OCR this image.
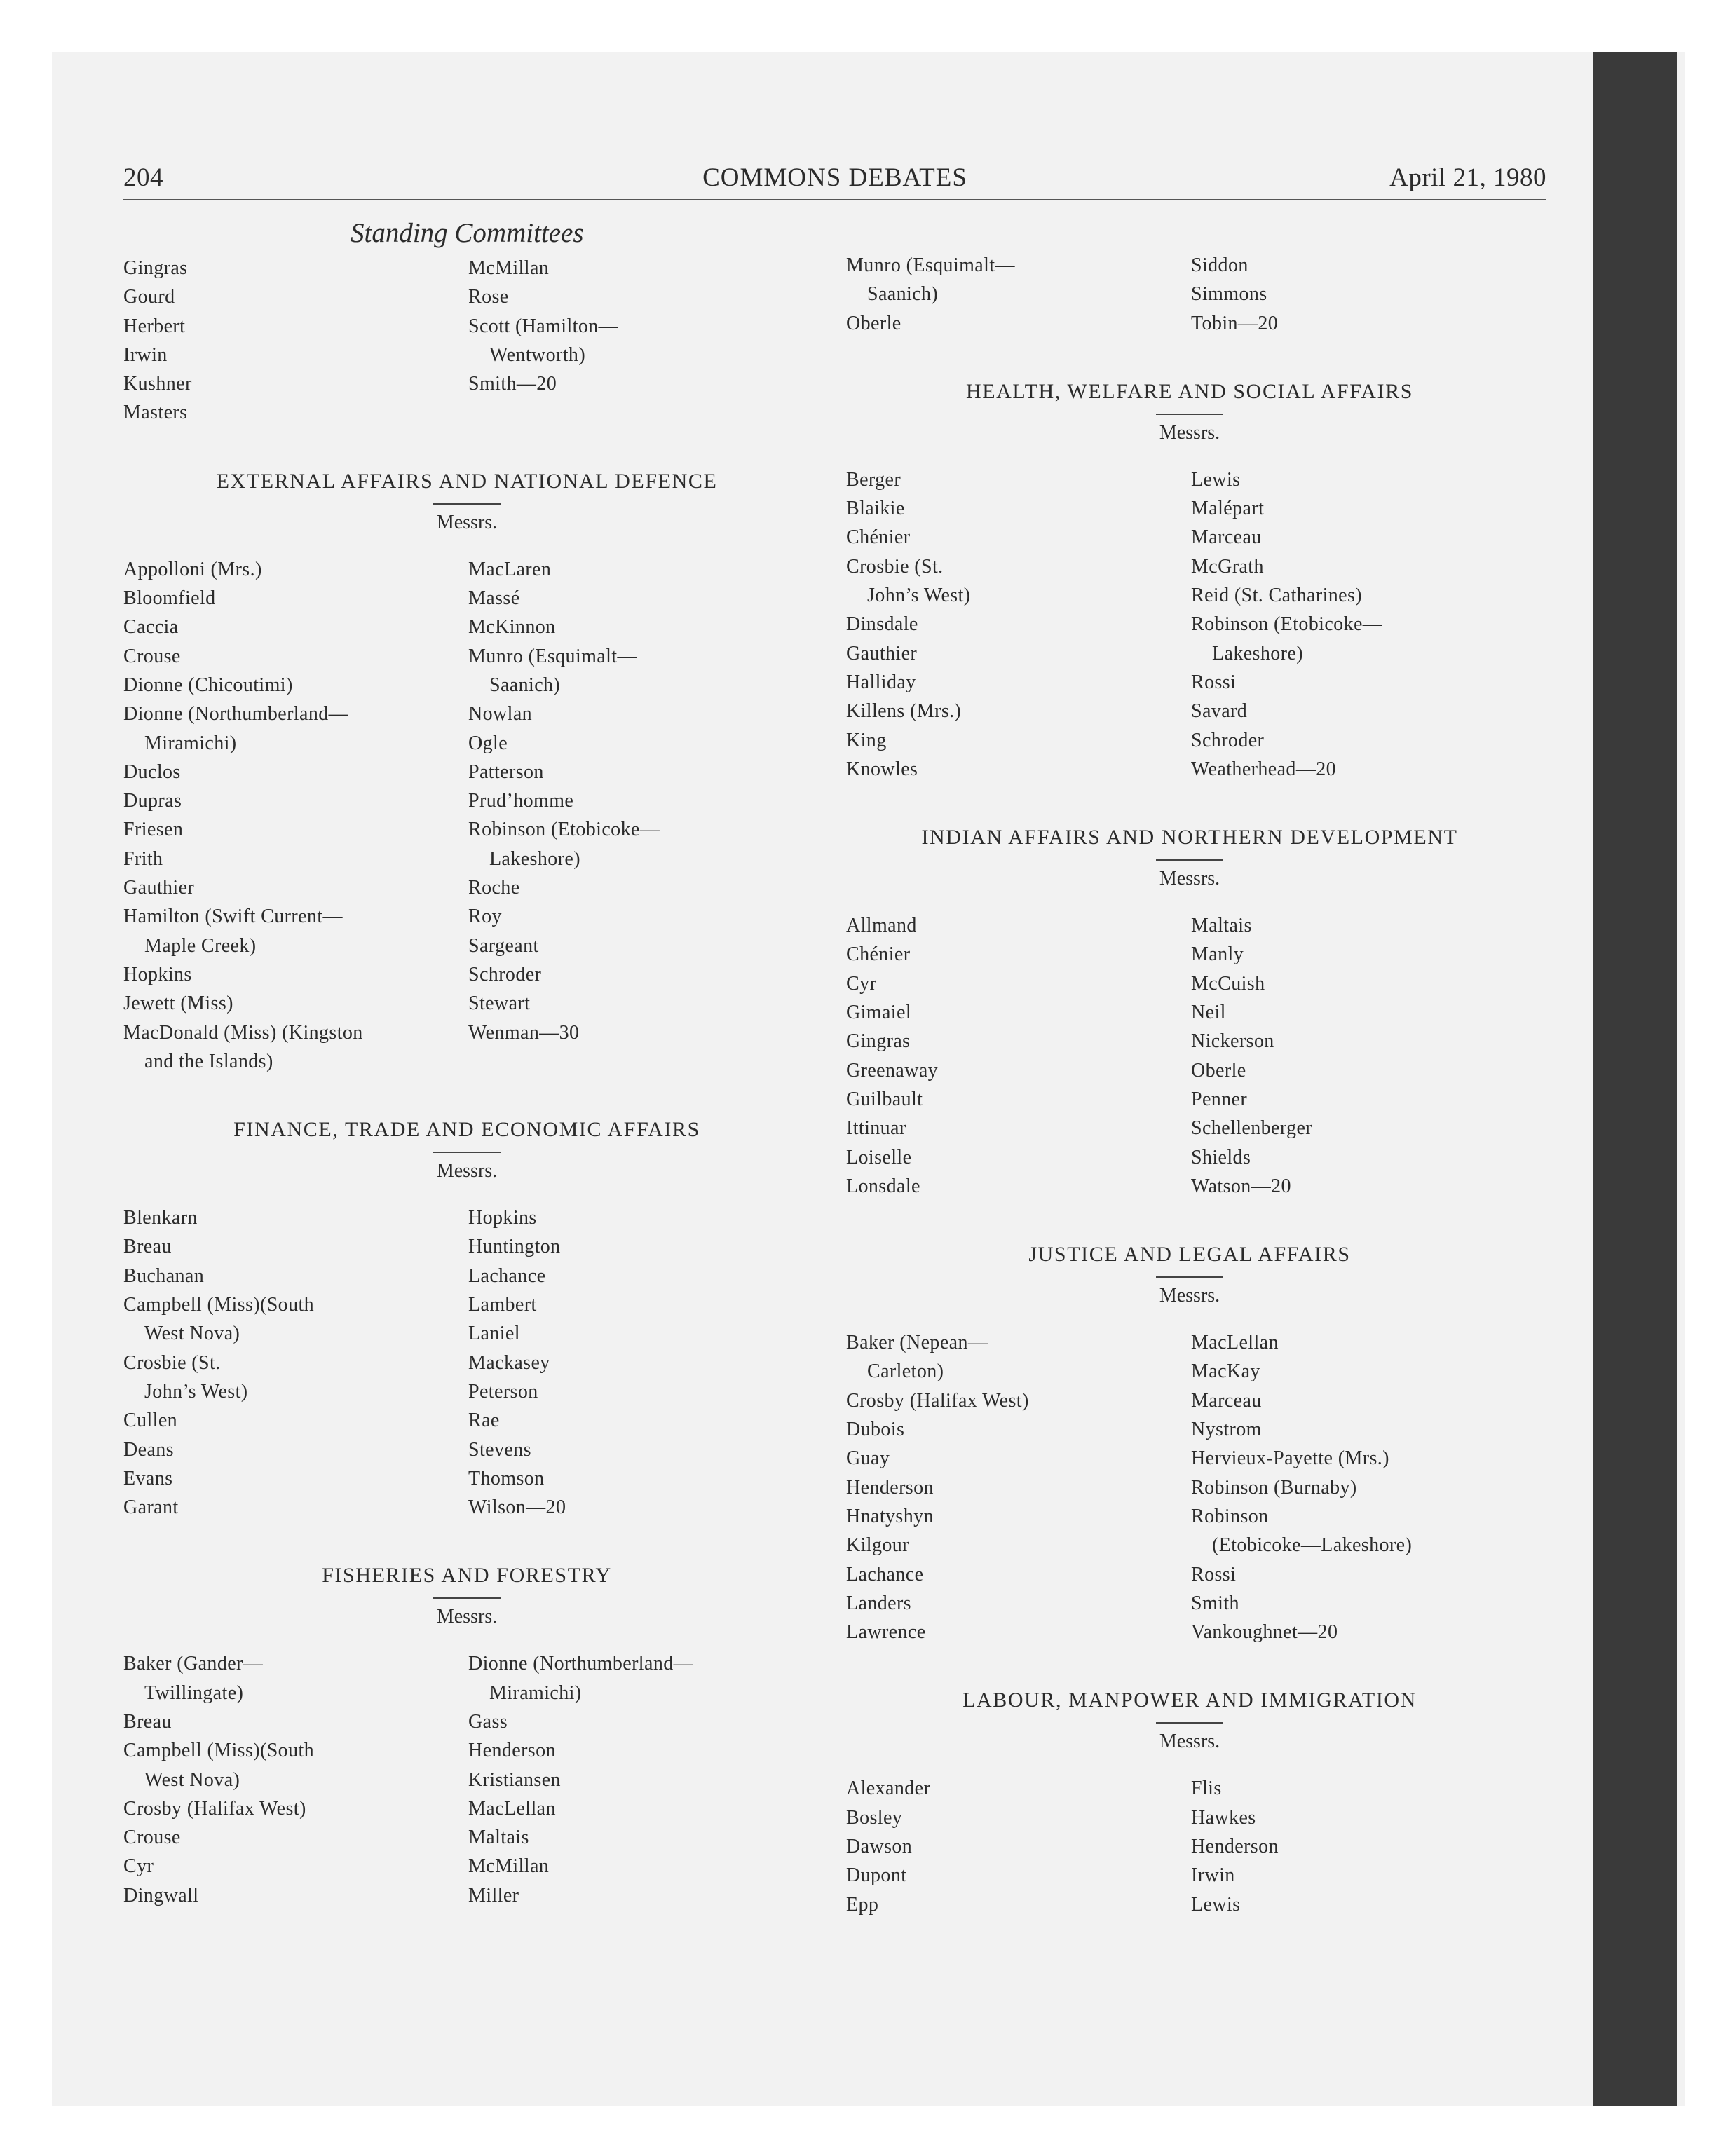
204	COMMONS DEBATES	April 21, 1980
Standing Committees
Gingras
Gourd
Herbert
Irwin
Kushner
Masters
McMillan
Rose
Scott (Hamilton—
Wentworth)
Smith—20
EXTERNAL AFFAIRS AND NATIONAL DEFENCE
Messrs.
Appolloni (Mrs.)
Bloomfield
Caccia
Crouse
Dionne (Chicoutimi)
Dionne (Northumberland—
Miramichi)
Duclos
Dupras
Friesen
Frith
Gauthier
Hamilton (Swift Current—
Maple Creek)
Hopkins
Jewett (Miss)
MacDonald (Miss) (Kingston
and the Islands)
MacLaren
Massé
McKinnon
Munro (Esquimalt—
Saanich)
Nowlan
Ogle
Patterson
Prud’homme
Robinson (Etobicoke—
Lakeshore)
Roche
Roy
Sargeant
Schroder
Stewart
Wenman—30
FINANCE, TRADE AND ECONOMIC AFFAIRS
Messrs.
Blenkarn
Breau
Buchanan
Campbell (Miss)(South
West Nova)
Crosbie (St.
John’s West)
Cullen
Deans
Evans
Garant
Hopkins
Huntington
Lachance
Lambert
Laniel
Mackasey
Peterson
Rae
Stevens
Thomson
Wilson—20
FISHERIES AND FORESTRY
Messrs.
Baker (Gander—
Twillingate)
Breau
Campbell (Miss)(South
West Nova)
Crosby (Halifax West)
Crouse
Cyr
Dingwall
Dionne (Northumberland—
Miramichi)
Gass
Henderson
Kristiansen
MacLellan
Maltais
McMillan
Miller
Munro (Esquimalt—
Saanich)
Oberle
Siddon
Simmons
Tobin—20
HEALTH, WELFARE AND SOCIAL AFFAIRS
Messrs.
Berger
Blaikie
Chénier
Crosbie (St.
John’s West)
Dinsdale
Gauthier
Halliday
Killens (Mrs.)
King
Knowles
Lewis
Malépart
Marceau
McGrath
Reid (St. Catharines)
Robinson (Etobicoke—
Lakeshore)
Rossi
Savard
Schroder
Weatherhead—20
INDIAN AFFAIRS AND NORTHERN DEVELOPMENT
Messrs.
Allmand
Chénier
Cyr
Gimaiel
Gingras
Greenaway
Guilbault
Ittinuar
Loiselle
Lonsdale
Maltais
Manly
McCuish
Neil
Nickerson
Oberle
Penner
Schellenberger
Shields
Watson—20
JUSTICE AND LEGAL AFFAIRS
Messrs.
Baker (Nepean—
Carleton)
Crosby (Halifax West)
Dubois
Guay
Henderson
Hnatyshyn
Kilgour
Lachance
Landers
Lawrence
MacLellan
MacKay
Marceau
Nystrom
Hervieux-Payette (Mrs.)
Robinson (Burnaby)
Robinson
(Etobicoke—Lakeshore)
Rossi
Smith
Vankoughnet—20
LABOUR, MANPOWER AND IMMIGRATION
Messrs.
Alexander
Bosley
Dawson
Dupont
Epp
Flis
Hawkes
Henderson
Irwin
Lewis
